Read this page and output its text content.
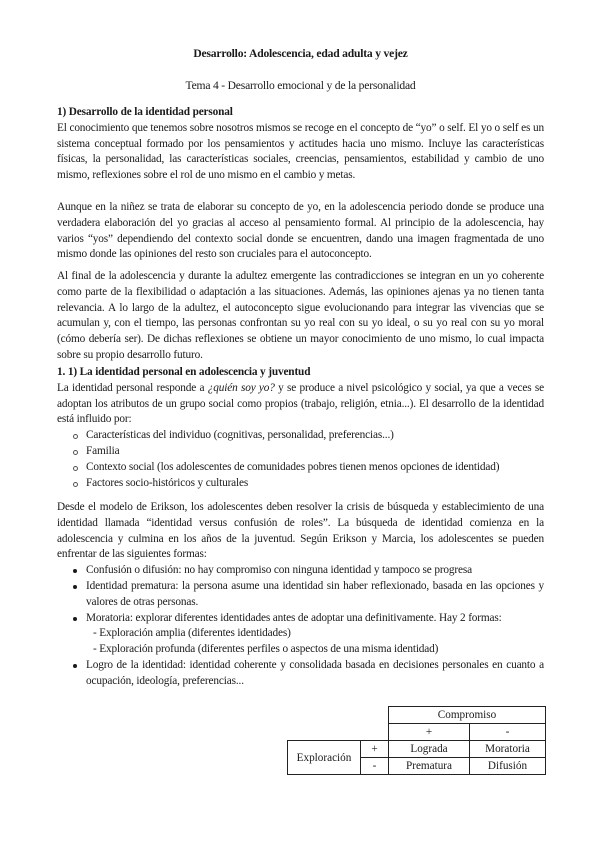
Desarrollo: Adolescencia, edad adulta y vejez
Tema 4 - Desarrollo emocional y de la personalidad
1) Desarrollo de la identidad personal

El conocimiento que tenemos sobre nosotros mismos se recoge en el concepto de “yo” o self. El yo o self es un sistema conceptual formado por los pensamientos y actitudes hacia uno mismo. Incluye las características físicas, la personalidad, las características sociales, creencias, pensamientos, estabilidad y cambio de uno mismo, reflexiones sobre el rol de uno mismo en el cambio y metas.

Aunque en la niñez se trata de elaborar su concepto de yo, en la adolescencia periodo donde se produce una verdadera elaboración del yo gracias al acceso al pensamiento formal. Al principio de la adolescencia, hay varios “yos” dependiendo del contexto social donde se encuentren, dando una imagen fragmentada de uno mismo donde las opiniones del resto son cruciales para el autoconcepto.

Al final de la adolescencia y durante la adultez emergente las contradicciones se integran en un yo coherente como parte de la flexibilidad o adaptación a las situaciones. Además, las opiniones ajenas ya no tienen tanta relevancia. A lo largo de la adultez, el autoconcepto sigue evolucionando para integrar las vivencias que se acumulan y, con el tiempo, las personas confrontan su yo real con su yo ideal, o su yo real con su yo moral (cómo debería ser). De dichas reflexiones se obtiene un mayor conocimiento de uno mismo, lo cual impacta sobre su propio desarrollo futuro.

1. 1) La identidad personal en adolescencia y juventud

La identidad personal responde a ¿quién soy yo? y se produce a nivel psicológico y social, ya que a veces se adoptan los atributos de un grupo social como propios (trabajo, religión, etnia...). El desarrollo de la identidad está influido por:

Características del individuo (cognitivas, personalidad, preferencias...)
Familia
Contexto social (los adolescentes de comunidades pobres tienen menos opciones de identidad)
Factores socio-históricos y culturales

Desde el modelo de Erikson, los adolescentes deben resolver la crisis de búsqueda y establecimiento de una identidad llamada “identidad versus confusión de roles”. La búsqueda de identidad comienza en la adolescencia y culmina en los años de la juventud. Según Erikson y Marcia, los adolescentes se pueden enfrentar de las siguientes formas:

Confusión o difusión: no hay compromiso con ninguna identidad y tampoco se progresa
Identidad prematura: la persona asume una identidad sin haber reflexionado, basada en las opciones y valores de otras personas.
Moratoria: explorar diferentes identidades antes de adoptar una definitivamente. Hay 2 formas:
- Exploración amplia (diferentes identidades)
- Exploración profunda (diferentes perfiles o aspectos de una misma identidad)
Logro de la identidad: identidad coherente y consolidada basada en decisiones personales en cuanto a ocupación, ideología, preferencias...
		Compromiso	
		+	-
Exploración	+	Lograda	Moratoria
	-	Prematura	Difusión
